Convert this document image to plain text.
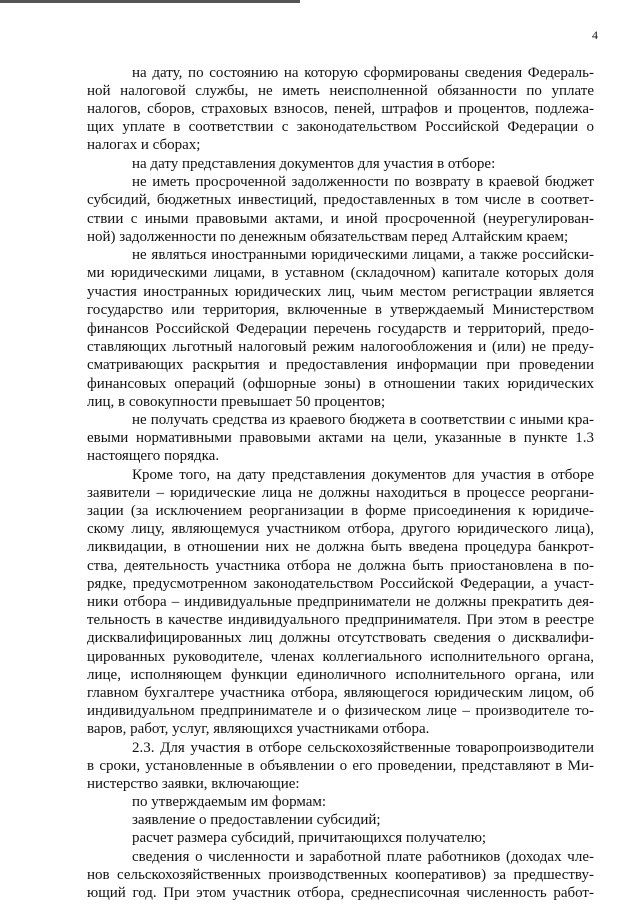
4
на дату, по состоянию на которую сформированы сведения Федераль-
ной налоговой службы, не иметь неисполненной обязанности по уплате
налогов, сборов, страховых взносов, пеней, штрафов и процентов, подлежа-
щих уплате в соответствии с законодательством Российской Федерации о
налогах и сборах;
на дату представления документов для участия в отборе:
не иметь просроченной задолженности по возврату в краевой бюджет
субсидий, бюджетных инвестиций, предоставленных в том числе в соответ-
ствии с иными правовыми актами, и иной просроченной (неурегулирован-
ной) задолженности по денежным обязательствам перед Алтайским краем;
не являться иностранными юридическими лицами, а также российски-
ми юридическими лицами, в уставном (складочном) капитале которых доля
участия иностранных юридических лиц, чьим местом регистрации является
государство или территория, включенные в утверждаемый Министерством
финансов Российской Федерации перечень государств и территорий, предо-
ставляющих льготный налоговый режим налогообложения и (или) не преду-
сматривающих раскрытия и предоставления информации при проведении
финансовых операций (офшорные зоны) в отношении таких юридических
лиц, в совокупности превышает 50 процентов;
не получать средства из краевого бюджета в соответствии с иными кра-
евыми нормативными правовыми актами на цели, указанные в пункте 1.3
настоящего порядка.
Кроме того, на дату представления документов для участия в отборе
заявители – юридические лица не должны находиться в процессе реоргани-
зации (за исключением реорганизации в форме присоединения к юридиче-
скому лицу, являющемуся участником отбора, другого юридического лица),
ликвидации, в отношении них не должна быть введена процедура банкрот-
ства, деятельность участника отбора не должна быть приостановлена в по-
рядке, предусмотренном законодательством Российской Федерации, а участ-
ники отбора – индивидуальные предприниматели не должны прекратить дея-
тельность в качестве индивидуального предпринимателя. При этом в реестре
дисквалифицированных лиц должны отсутствовать сведения о дисквалифи-
цированных руководителе, членах коллегиального исполнительного органа,
лице, исполняющем функции единоличного исполнительного органа, или
главном бухгалтере участника отбора, являющегося юридическим лицом, об
индивидуальном предпринимателе и о физическом лице – производителе то-
варов, работ, услуг, являющихся участниками отбора.
2.3. Для участия в отборе сельскохозяйственные товаропроизводители
в сроки, установленные в объявлении о его проведении, представляют в Ми-
нистерство заявки, включающие:
по утверждаемым им формам:
заявление о предоставлении субсидий;
расчет размера субсидий, причитающихся получателю;
сведения о численности и заработной плате работников (доходах чле-
нов сельскохозяйственных производственных кооперативов) за предшеству-
ющий год. При этом участник отбора, среднесписочная численность работ-
